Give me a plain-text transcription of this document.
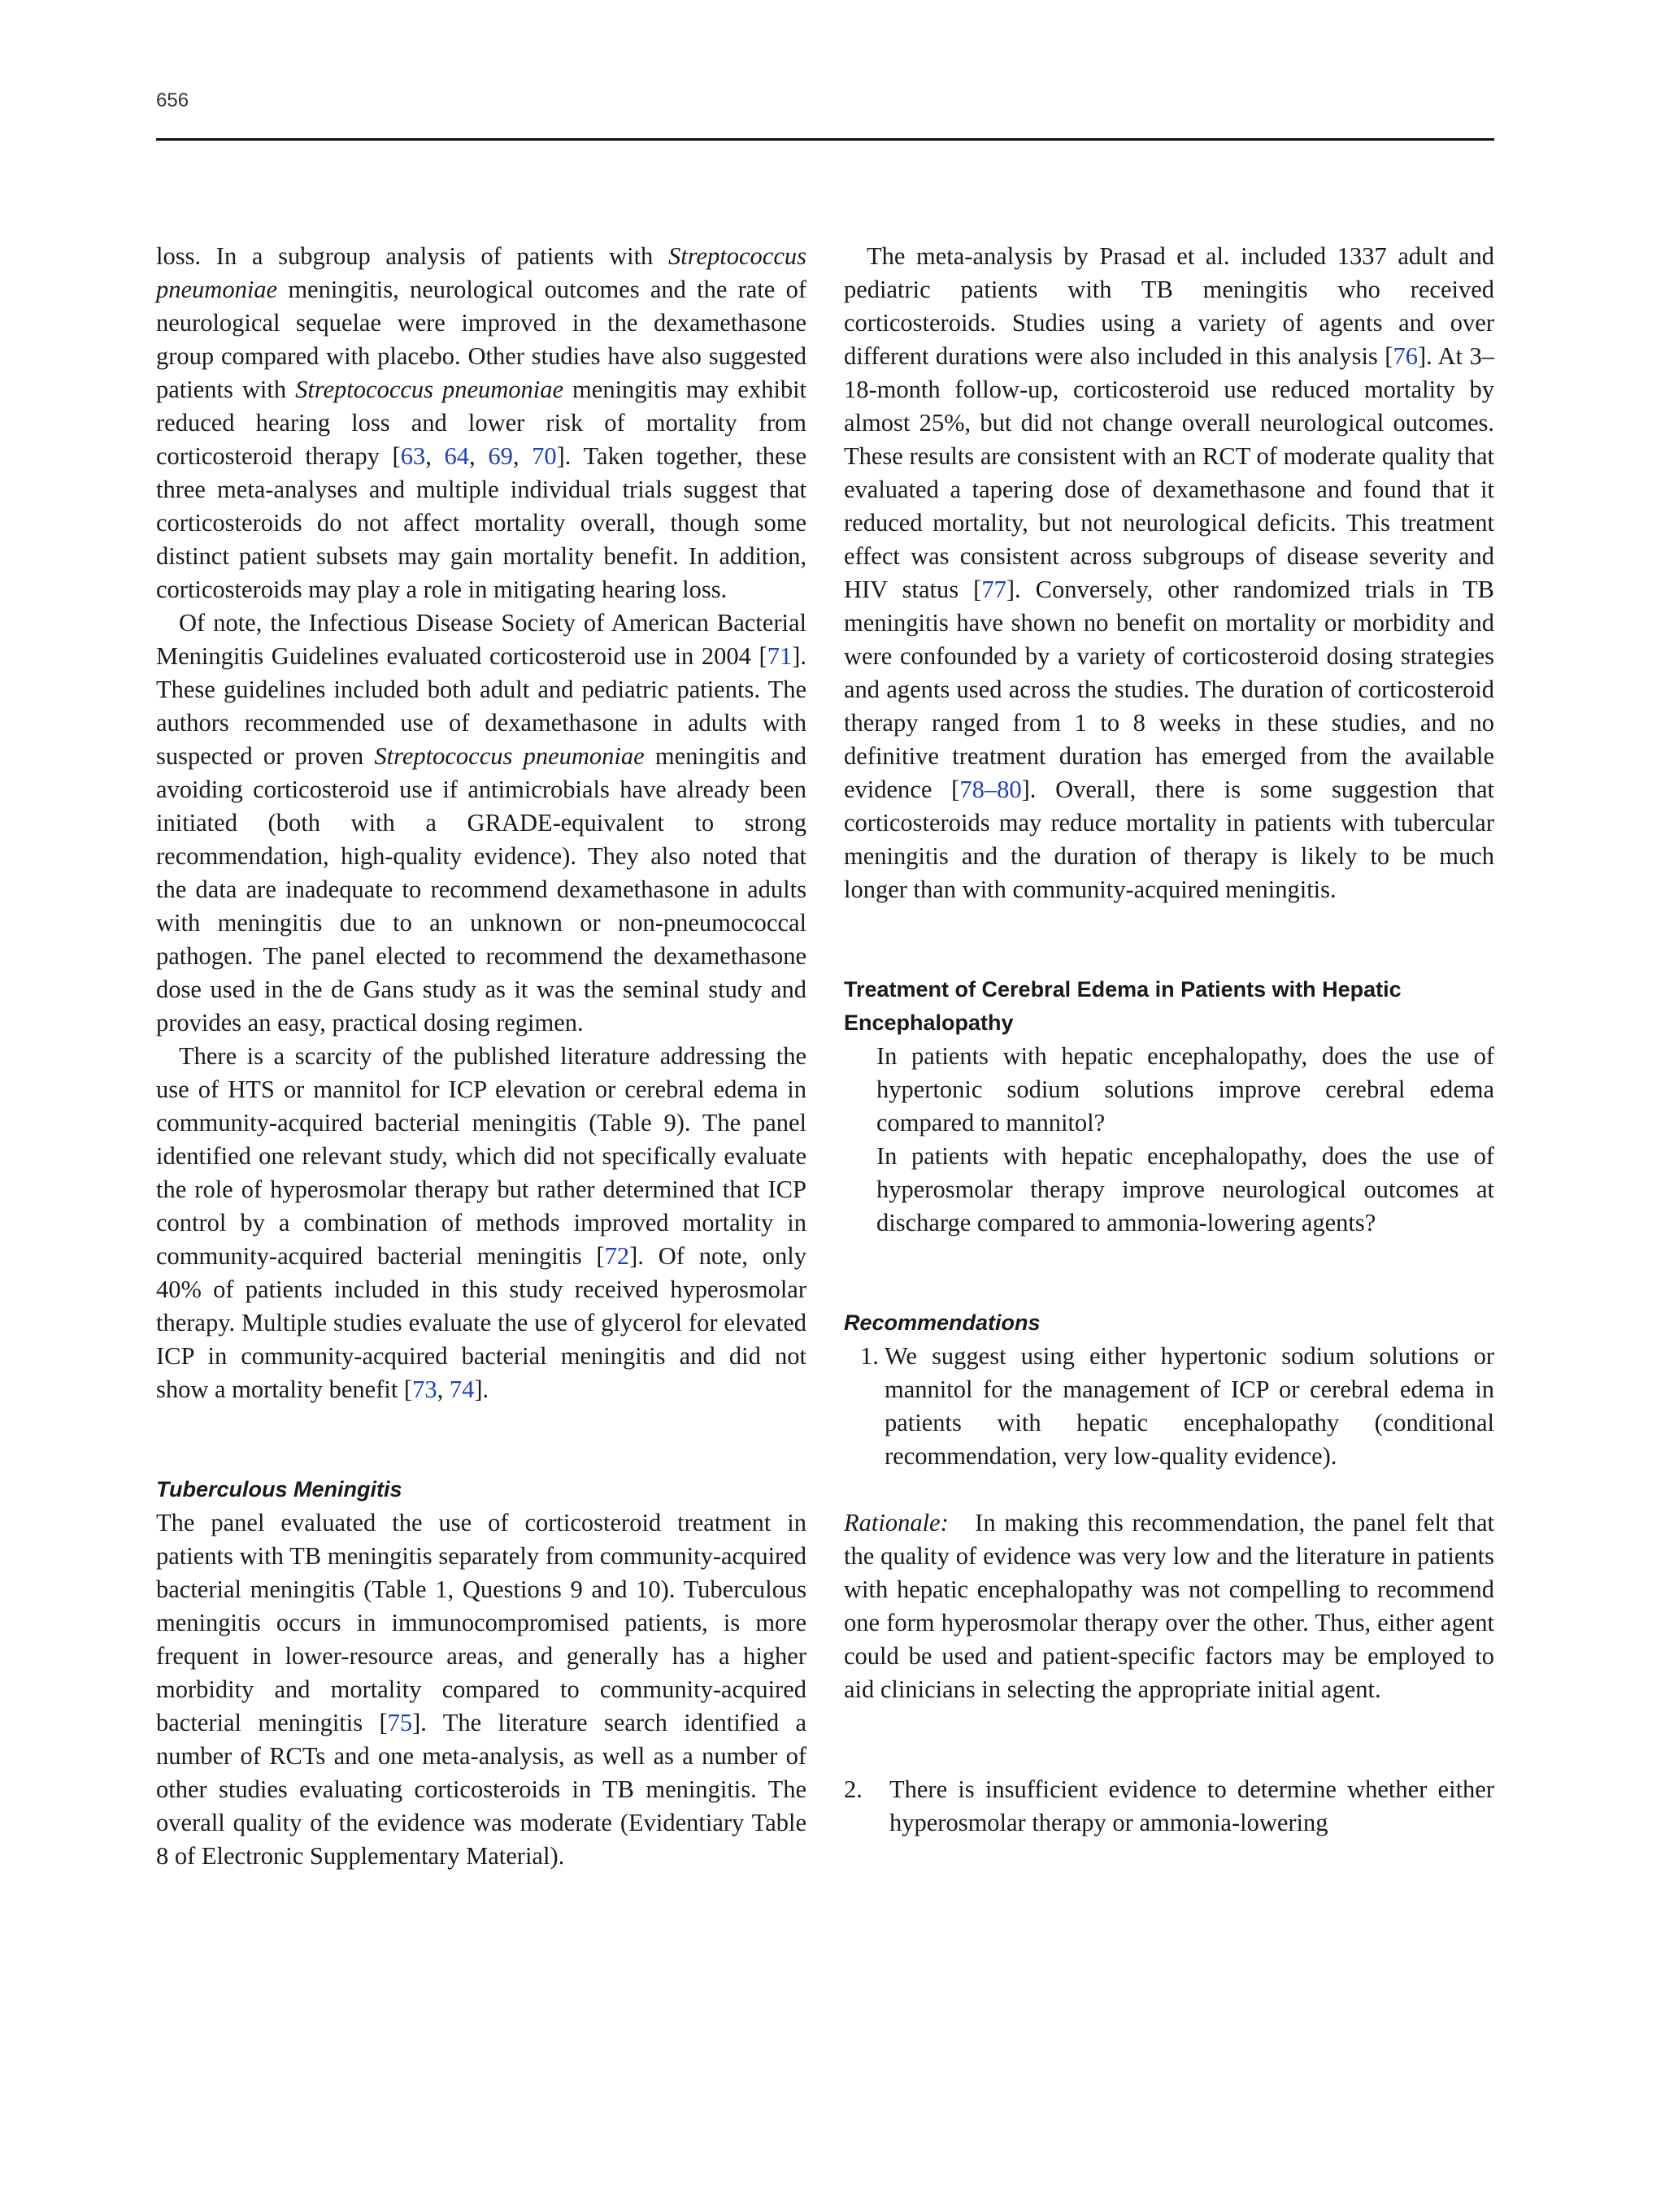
656

loss. In a subgroup analysis of patients with Streptococcus pneumoniae meningitis, neurological outcomes and the rate of neurological sequelae were improved in the dexamethasone group compared with placebo. Other studies have also suggested patients with Streptococcus pneumoniae meningitis may exhibit reduced hearing loss and lower risk of mortality from corticosteroid therapy [63, 64, 69, 70]. Taken together, these three meta-analyses and multiple individual trials suggest that corticosteroids do not affect mortality overall, though some distinct patient subsets may gain mortality benefit. In addition, corticosteroids may play a role in mitigating hearing loss.

Of note, the Infectious Disease Society of American Bacterial Meningitis Guidelines evaluated corticosteroid use in 2004 [71]. These guidelines included both adult and pediatric patients. The authors recommended use of dexamethasone in adults with suspected or proven Streptococcus pneumoniae meningitis and avoiding corticosteroid use if antimicrobials have already been initiated (both with a GRADE-equivalent to strong recommendation, high-quality evidence). They also noted that the data are inadequate to recommend dexamethasone in adults with meningitis due to an unknown or non-pneumococcal pathogen. The panel elected to recommend the dexamethasone dose used in the de Gans study as it was the seminal study and provides an easy, practical dosing regimen.

There is a scarcity of the published literature addressing the use of HTS or mannitol for ICP elevation or cerebral edema in community-acquired bacterial meningitis (Table 9). The panel identified one relevant study, which did not specifically evaluate the role of hyperosmolar therapy but rather determined that ICP control by a combination of methods improved mortality in community-acquired bacterial meningitis [72]. Of note, only 40% of patients included in this study received hyperosmolar therapy. Multiple studies evaluate the use of glycerol for elevated ICP in community-acquired bacterial meningitis and did not show a mortality benefit [73, 74].

Tuberculous Meningitis

The panel evaluated the use of corticosteroid treatment in patients with TB meningitis separately from community-acquired bacterial meningitis (Table 1, Questions 9 and 10). Tuberculous meningitis occurs in immunocompromised patients, is more frequent in lower-resource areas, and generally has a higher morbidity and mortality compared to community-acquired bacterial meningitis [75]. The literature search identified a number of RCTs and one meta-analysis, as well as a number of other studies evaluating corticosteroids in TB meningitis. The overall quality of the evidence was moderate (Evidentiary Table 8 of Electronic Supplementary Material).

The meta-analysis by Prasad et al. included 1337 adult and pediatric patients with TB meningitis who received corticosteroids. Studies using a variety of agents and over different durations were also included in this analysis [76]. At 3–18-month follow-up, corticosteroid use reduced mortality by almost 25%, but did not change overall neurological outcomes. These results are consistent with an RCT of moderate quality that evaluated a tapering dose of dexamethasone and found that it reduced mortality, but not neurological deficits. This treatment effect was consistent across subgroups of disease severity and HIV status [77]. Conversely, other randomized trials in TB meningitis have shown no benefit on mortality or morbidity and were confounded by a variety of corticosteroid dosing strategies and agents used across the studies. The duration of corticosteroid therapy ranged from 1 to 8 weeks in these studies, and no definitive treatment duration has emerged from the available evidence [78–80]. Overall, there is some suggestion that corticosteroids may reduce mortality in patients with tubercular meningitis and the duration of therapy is likely to be much longer than with community-acquired meningitis.

Treatment of Cerebral Edema in Patients with Hepatic Encephalopathy

In patients with hepatic encephalopathy, does the use of hypertonic sodium solutions improve cerebral edema compared to mannitol?

In patients with hepatic encephalopathy, does the use of hyperosmolar therapy improve neurological outcomes at discharge compared to ammonia-lowering agents?

Recommendations
1. We suggest using either hypertonic sodium solutions or mannitol for the management of ICP or cerebral edema in patients with hepatic encephalopathy (conditional recommendation, very low-quality evidence).

Rationale: In making this recommendation, the panel felt that the quality of evidence was very low and the literature in patients with hepatic encephalopathy was not compelling to recommend one form hyperosmolar therapy over the other. Thus, either agent could be used and patient-specific factors may be employed to aid clinicians in selecting the appropriate initial agent.

2.	There is insufficient evidence to determine whether either hyperosmolar therapy or ammonia-lowering
